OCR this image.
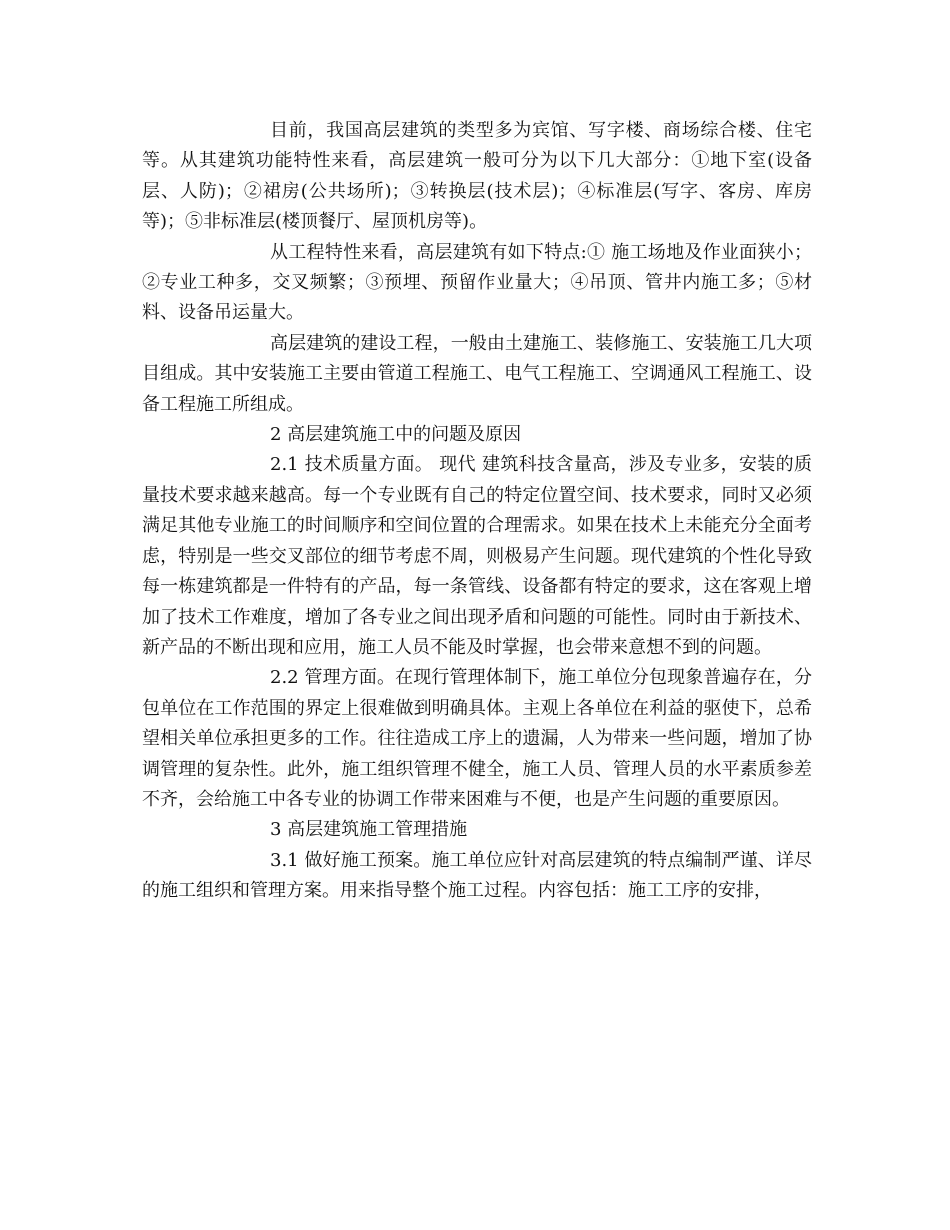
目前，我国高层建筑的类型多为宾馆、写字楼、商场综合楼、住宅等。从其建筑功能特性来看，高层建筑一般可分为以下几大部分：①地下室(设备层、人防)；②裙房(公共场所)；③转换层(技术层)；④标准层(写字、客房、库房等)；⑤非标准层(楼顶餐厅、屋顶机房等)。

从工程特性来看，高层建筑有如下特点:① 施工场地及作业面狭小；②专业工种多，交叉频繁；③预埋、预留作业量大；④吊顶、管井内施工多；⑤材料、设备吊运量大。

高层建筑的建设工程，一般由土建施工、装修施工、安装施工几大项目组成。其中安装施工主要由管道工程施工、电气工程施工、空调通风工程施工、设备工程施工所组成。

2 高层建筑施工中的问题及原因

2.1 技术质量方面。 现代 建筑科技含量高，涉及专业多，安装的质量技术要求越来越高。每一个专业既有自己的特定位置空间、技术要求，同时又必须满足其他专业施工的时间顺序和空间位置的合理需求。如果在技术上未能充分全面考虑，特别是一些交叉部位的细节考虑不周，则极易产生问题。现代建筑的个性化导致每一栋建筑都是一件特有的产品，每一条管线、设备都有特定的要求，这在客观上增加了技术工作难度，增加了各专业之间出现矛盾和问题的可能性。同时由于新技术、新产品的不断出现和应用，施工人员不能及时掌握，也会带来意想不到的问题。

2.2 管理方面。在现行管理体制下，施工单位分包现象普遍存在，分包单位在工作范围的界定上很难做到明确具体。主观上各单位在利益的驱使下，总希望相关单位承担更多的工作。往往造成工序上的遗漏，人为带来一些问题，增加了协调管理的复杂性。此外，施工组织管理不健全，施工人员、管理人员的水平素质参差不齐，会给施工中各专业的协调工作带来困难与不便，也是产生问题的重要原因。

3 高层建筑施工管理措施

3.1 做好施工预案。施工单位应针对高层建筑的特点编制严谨、详尽的施工组织和管理方案。用来指导整个施工过程。内容包括：施工工序的安排，
